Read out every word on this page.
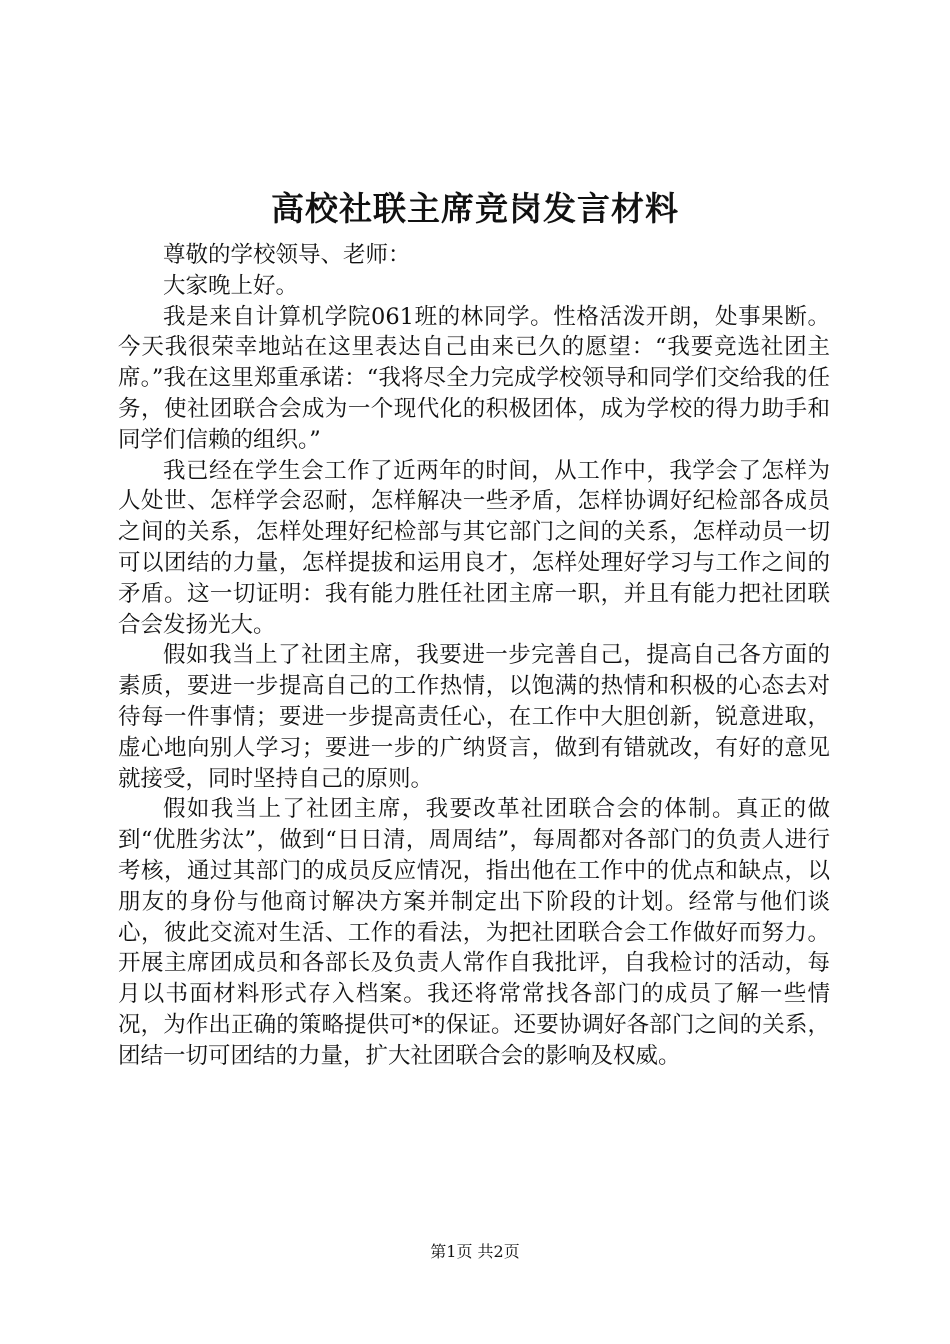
高校社联主席竞岗发言材料

尊敬的学校领导、老师：

大家晚上好。

我是来自计算机学院061班的林同学。性格活泼开朗，处事果断。今天我很荣幸地站在这里表达自己由来已久的愿望：“我要竞选社团主席。”我在这里郑重承诺：“我将尽全力完成学校领导和同学们交给我的任务，使社团联合会成为一个现代化的积极团体，成为学校的得力助手和同学们信赖的组织。”

我已经在学生会工作了近两年的时间，从工作中，我学会了怎样为人处世、怎样学会忍耐，怎样解决一些矛盾，怎样协调好纪检部各成员之间的关系，怎样处理好纪检部与其它部门之间的关系，怎样动员一切可以团结的力量，怎样提拔和运用良才，怎样处理好学习与工作之间的矛盾。这一切证明：我有能力胜任社团主席一职，并且有能力把社团联合会发扬光大。

假如我当上了社团主席，我要进一步完善自己，提高自己各方面的素质，要进一步提高自己的工作热情，以饱满的热情和积极的心态去对待每一件事情；要进一步提高责任心，在工作中大胆创新，锐意进取，虚心地向别人学习；要进一步的广纳贤言，做到有错就改，有好的意见就接受，同时坚持自己的原则。

假如我当上了社团主席，我要改革社团联合会的体制。真正的做到“优胜劣汰”，做到“日日清，周周结”，每周都对各部门的负责人进行考核，通过其部门的成员反应情况，指出他在工作中的优点和缺点，以朋友的身份与他商讨解决方案并制定出下阶段的计划。经常与他们谈心，彼此交流对生活、工作的看法，为把社团联合会工作做好而努力。开展主席团成员和各部长及负责人常作自我批评，自我检讨的活动，每月以书面材料形式存入档案。我还将常常找各部门的成员了解一些情况，为作出正确的策略提供可*的保证。还要协调好各部门之间的关系，团结一切可团结的力量，扩大社团联合会的影响及权威。

第1页 共2页
